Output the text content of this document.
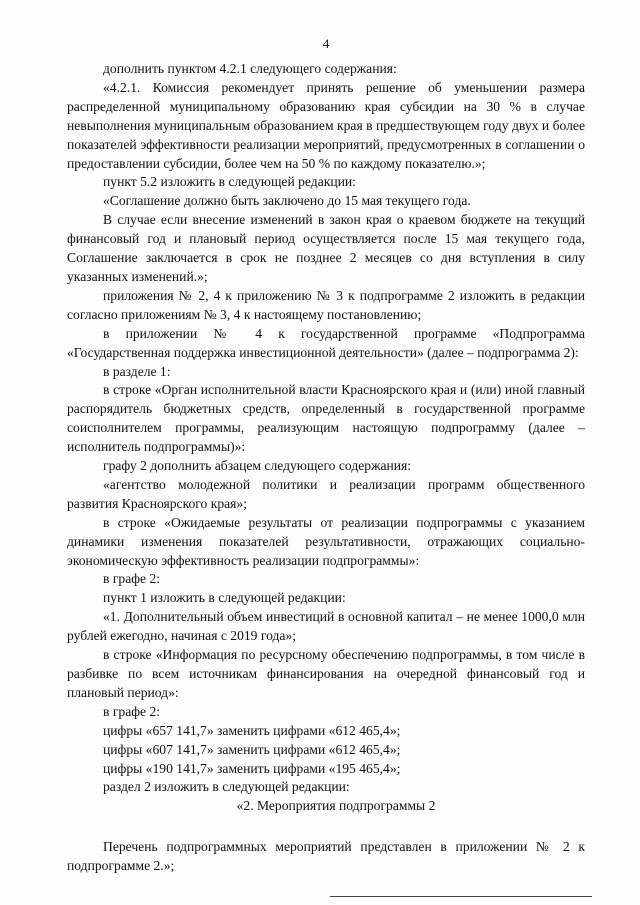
4

дополнить пунктом 4.2.1 следующего содержания:

«4.2.1. Комиссия рекомендует принять решение об уменьшении размера распределенной муниципальному образованию края субсидии на 30 % в случае невыполнения муниципальным образованием края в предшествующем году двух и более показателей эффективности реализации мероприятий, предусмотренных в соглашении о предоставлении субсидии, более чем на 50 % по каждому показателю.»;

пункт 5.2 изложить в следующей редакции:

«Соглашение должно быть заключено до 15 мая текущего года.

В случае если внесение изменений в закон края о краевом бюджете на текущий финансовый год и плановый период осуществляется после 15 мая текущего года, Соглашение заключается в срок не позднее 2 месяцев со дня вступления в силу указанных изменений.»;

приложения № 2, 4 к приложению № 3 к подпрограмме 2 изложить в редакции согласно приложениям № 3, 4 к настоящему постановлению;

в приложении № 4 к государственной программе «Подпрограмма «Государственная поддержка инвестиционной деятельности» (далее – подпрограмма 2):

в разделе 1:

в строке «Орган исполнительной власти Красноярского края и (или) иной главный распорядитель бюджетных средств, определенный в государственной программе соисполнителем программы, реализующим настоящую подпрограмму (далее – исполнитель подпрограммы)»:

графу 2 дополнить абзацем следующего содержания:

«агентство молодежной политики и реализации программ общественного развития Красноярского края»;

в строке «Ожидаемые результаты от реализации подпрограммы с указанием динамики изменения показателей результативности, отражающих социально-экономическую эффективность реализации подпрограммы»:

в графе 2:

пункт 1 изложить в следующей редакции:

«1. Дополнительный объем инвестиций в основной капитал – не менее 1000,0 млн рублей ежегодно, начиная с 2019 года»;

в строке «Информация по ресурсному обеспечению подпрограммы, в том числе в разбивке по всем источникам финансирования на очередной финансовый год и плановый период»:

в графе 2:

цифры «657 141,7» заменить цифрами «612 465,4»;

цифры «607 141,7» заменить цифрами «612 465,4»;

цифры «190 141,7» заменить цифрами «195 465,4»;

раздел 2 изложить в следующей редакции:

«2. Мероприятия подпрограммы 2

Перечень подпрограммных мероприятий представлен в приложении № 2 к подпрограмме 2.»;
